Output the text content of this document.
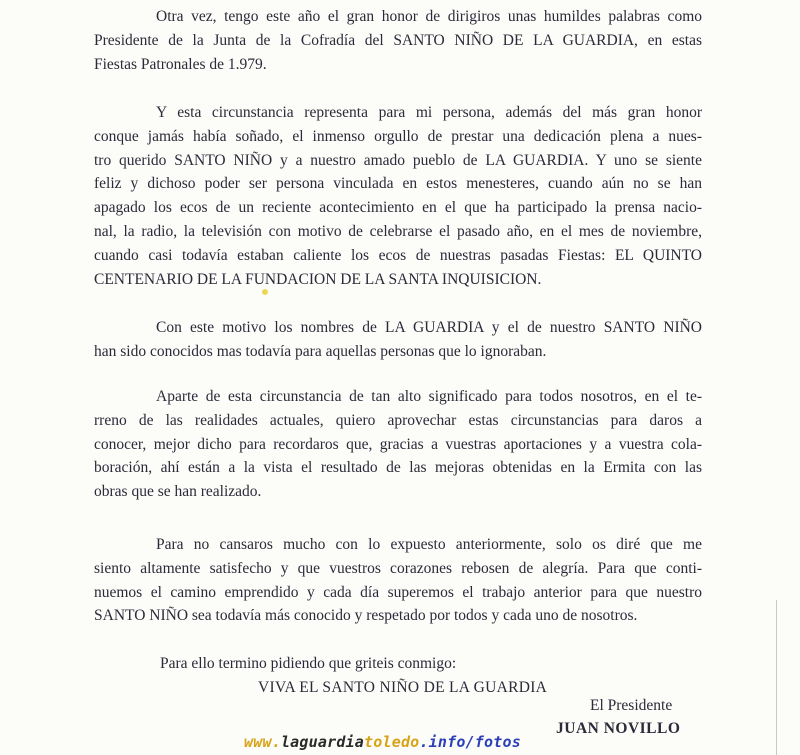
Otra vez, tengo este año el gran honor de dirigiros unas humildes palabras como
Presidente de la Junta de la Cofradía del SANTO NIÑO DE LA GUARDIA, en estas
Fiestas Patronales de 1.979.

Y esta circunstancia representa para mi persona, además del más gran honor
conque jamás había soñado, el inmenso orgullo de prestar una dedicación plena a nues-
tro querido SANTO NIÑO y a nuestro amado pueblo de LA GUARDIA. Y uno se siente
feliz y dichoso poder ser persona vinculada en estos menesteres, cuando aún no se han
apagado los ecos de un reciente acontecimiento en el que ha participado la prensa nacio-
nal, la radio, la televisión con motivo de celebrarse el pasado año, en el mes de noviembre,
cuando casi todavía estaban caliente los ecos de nuestras pasadas Fiestas: EL QUINTO
CENTENARIO DE LA FUNDACION DE LA SANTA INQUISICION.

Con este motivo los nombres de LA GUARDIA y el de nuestro SANTO NIÑO
han sido conocidos mas todavía para aquellas personas que lo ignoraban.

Aparte de esta circunstancia de tan alto significado para todos nosotros, en el te-
rreno de las realidades actuales, quiero aprovechar estas circunstancias para daros a
conocer, mejor dicho para recordaros que, gracias a vuestras aportaciones y a vuestra cola-
boración, ahí están a la vista el resultado de las mejoras obtenidas en la Ermita con las
obras que se han realizado.

Para no cansaros mucho con lo expuesto anteriormente, solo os diré que me
siento altamente satisfecho y que vuestros corazones rebosen de alegría. Para que conti-
nuemos el camino emprendido y cada día superemos el trabajo anterior para que nuestro
SANTO NIÑO sea todavía más conocido y respetado por todos y cada uno de nosotros.

Para ello termino pidiendo que griteis conmigo:
VIVA EL SANTO NIÑO DE LA GUARDIA
El Presidente
JUAN NOVILLO
www.laguardiatoledo.info/fotos
